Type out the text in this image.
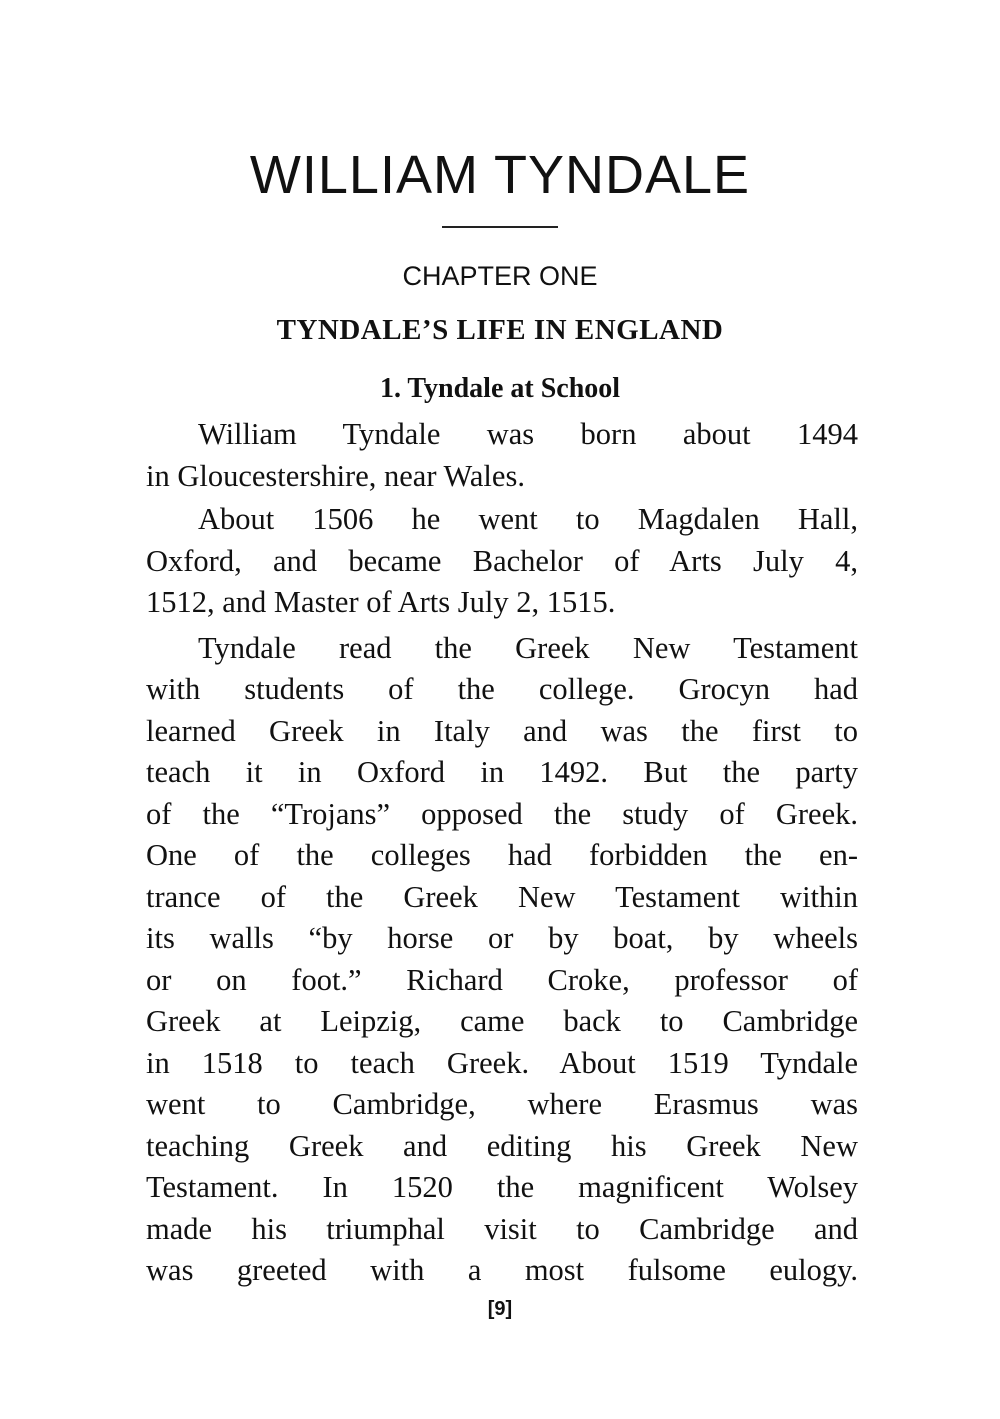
WILLIAM TYNDALE
CHAPTER ONE
TYNDALE’S LIFE IN ENGLAND
1. Tyndale at School
William Tyndale was born about 1494
in Gloucestershire, near Wales.
About 1506 he went to Magdalen Hall,
Oxford, and became Bachelor of Arts July 4,
1512, and Master of Arts July 2, 1515.
Tyndale read the Greek New Testament
with students of the college. Grocyn had
learned Greek in Italy and was the first to
teach it in Oxford in 1492. But the party
of the “Trojans” opposed the study of Greek.
One of the colleges had forbidden the en-
trance of the Greek New Testament within
its walls “by horse or by boat, by wheels
or on foot.” Richard Croke, professor of
Greek at Leipzig, came back to Cambridge
in 1518 to teach Greek. About 1519 Tyndale
went to Cambridge, where Erasmus was
teaching Greek and editing his Greek New
Testament. In 1520 the magnificent Wolsey
made his triumphal visit to Cambridge and
was greeted with a most fulsome eulogy.
[9]
